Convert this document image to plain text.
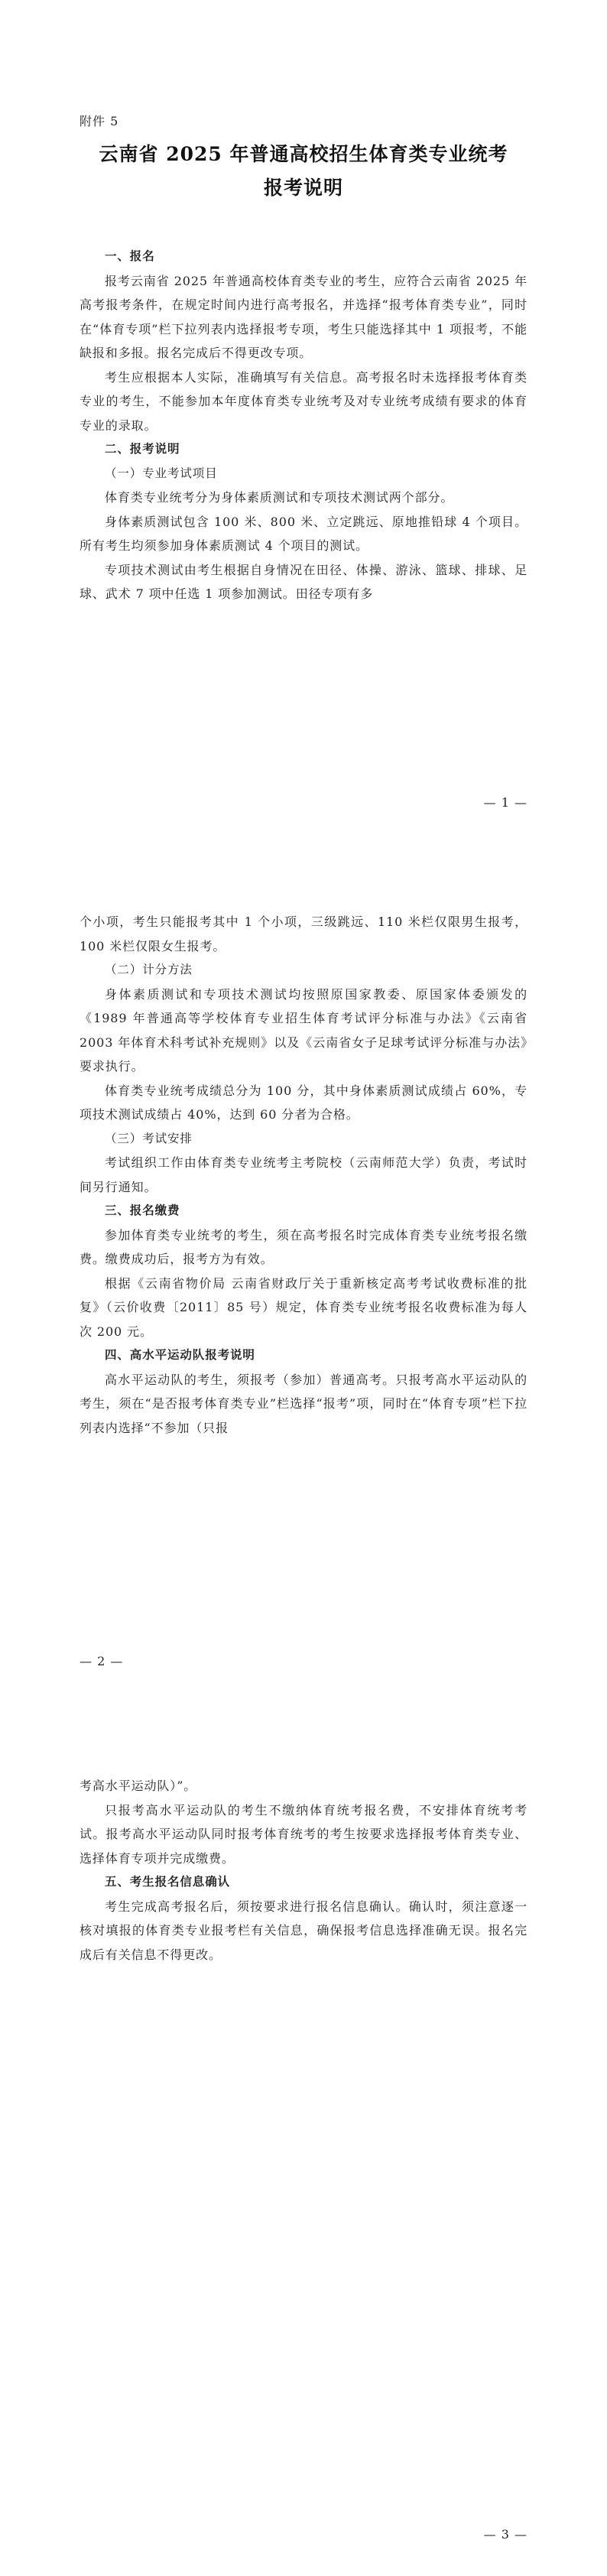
附件 5
云南省 2025 年普通高校招生体育类专业统考
报考说明

一、报名

报考云南省 2025 年普通高校体育类专业的考生，应符合云南省 2025 年高考报考条件，在规定时间内进行高考报名，并选择“报考体育类专业”，同时在“体育专项”栏下拉列表内选择报考专项，考生只能选择其中 1 项报考，不能缺报和多报。报名完成后不得更改专项。

考生应根据本人实际，准确填写有关信息。高考报名时未选择报考体育类专业的考生，不能参加本年度体育类专业统考及对专业统考成绩有要求的体育专业的录取。

二、报考说明

（一）专业考试项目

体育类专业统考分为身体素质测试和专项技术测试两个部分。

身体素质测试包含 100 米、800 米、立定跳远、原地推铅球 4 个项目。所有考生均须参加身体素质测试 4 个项目的测试。

专项技术测试由考生根据自身情况在田径、体操、游泳、篮球、排球、足球、武术 7 项中任选 1 项参加测试。田径专项有多

— 1 —

个小项，考生只能报考其中 1 个小项，三级跳远、110 米栏仅限男生报考，100 米栏仅限女生报考。

（二）计分方法

身体素质测试和专项技术测试均按照原国家教委、原国家体委颁发的《1989 年普通高等学校体育专业招生体育考试评分标准与办法》《云南省 2003 年体育术科考试补充规则》以及《云南省女子足球考试评分标准与办法》要求执行。

体育类专业统考成绩总分为 100 分，其中身体素质测试成绩占 60%，专项技术测试成绩占 40%，达到 60 分者为合格。

（三）考试安排

考试组织工作由体育类专业统考主考院校（云南师范大学）负责，考试时间另行通知。

三、报名缴费

参加体育类专业统考的考生，须在高考报名时完成体育类专业统考报名缴费。缴费成功后，报考方为有效。

根据《云南省物价局 云南省财政厅关于重新核定高考考试收费标准的批复》（云价收费〔2011〕85 号）规定，体育类专业统考报名收费标准为每人次 200 元。

四、高水平运动队报考说明

高水平运动队的考生，须报考（参加）普通高考。只报考高水平运动队的考生，须在“是否报考体育类专业”栏选择“报考”项，同时在“体育专项”栏下拉列表内选择“不参加（只报

— 2 —

考高水平运动队）”。

只报考高水平运动队的考生不缴纳体育统考报名费，不安排体育统考考试。报考高水平运动队同时报考体育统考的考生按要求选择报考体育类专业、选择体育专项并完成缴费。

五、考生报名信息确认

考生完成高考报名后，须按要求进行报名信息确认。确认时，须注意逐一核对填报的体育类专业报考栏有关信息，确保报考信息选择准确无误。报名完成后有关信息不得更改。

— 3 —
